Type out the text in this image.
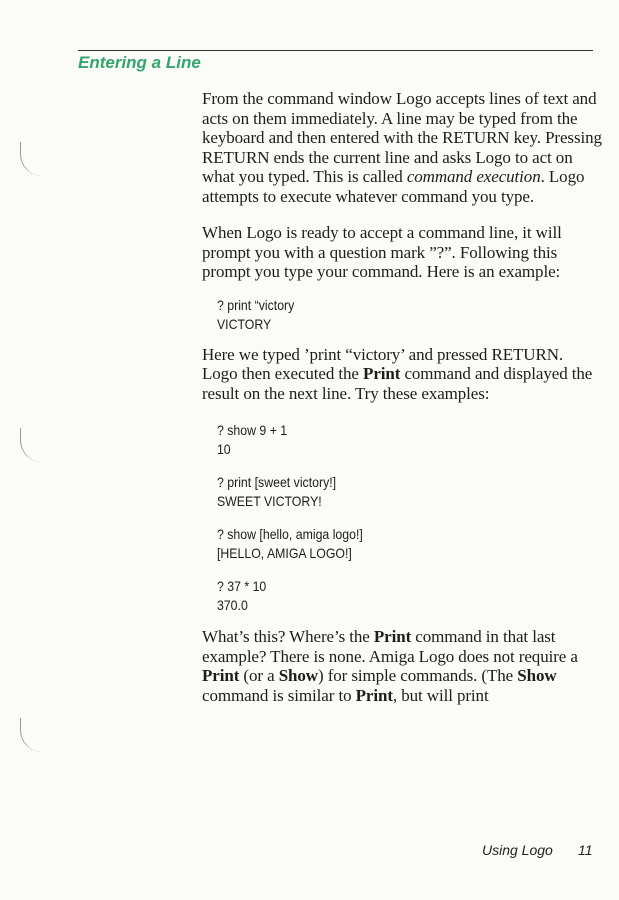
Entering a Line

From the command window Logo accepts lines of text and acts on them immediately. A line may be typed from the keyboard and then entered with the RETURN key. Pressing RETURN ends the current line and asks Logo to act on what you typed. This is called command execution. Logo attempts to execute whatever command you type.

When Logo is ready to accept a command line, it will prompt you with a question mark ”?”. Following this prompt you type your command. Here is an example:

? print “victory
VICTORY

Here we typed ’print “victory’ and pressed RETURN. Logo then executed the Print command and displayed the result on the next line. Try these examples:

? show 9 + 1
10
? print [sweet victory!]
SWEET VICTORY!
? show [hello, amiga logo!]
[HELLO, AMIGA LOGO!]
? 37 * 10
370.0

What’s this? Where’s the Print command in that last example? There is none. Amiga Logo does not require a Print (or a Show) for simple commands. (The Show command is similar to Print, but will print

Using Logo 11
